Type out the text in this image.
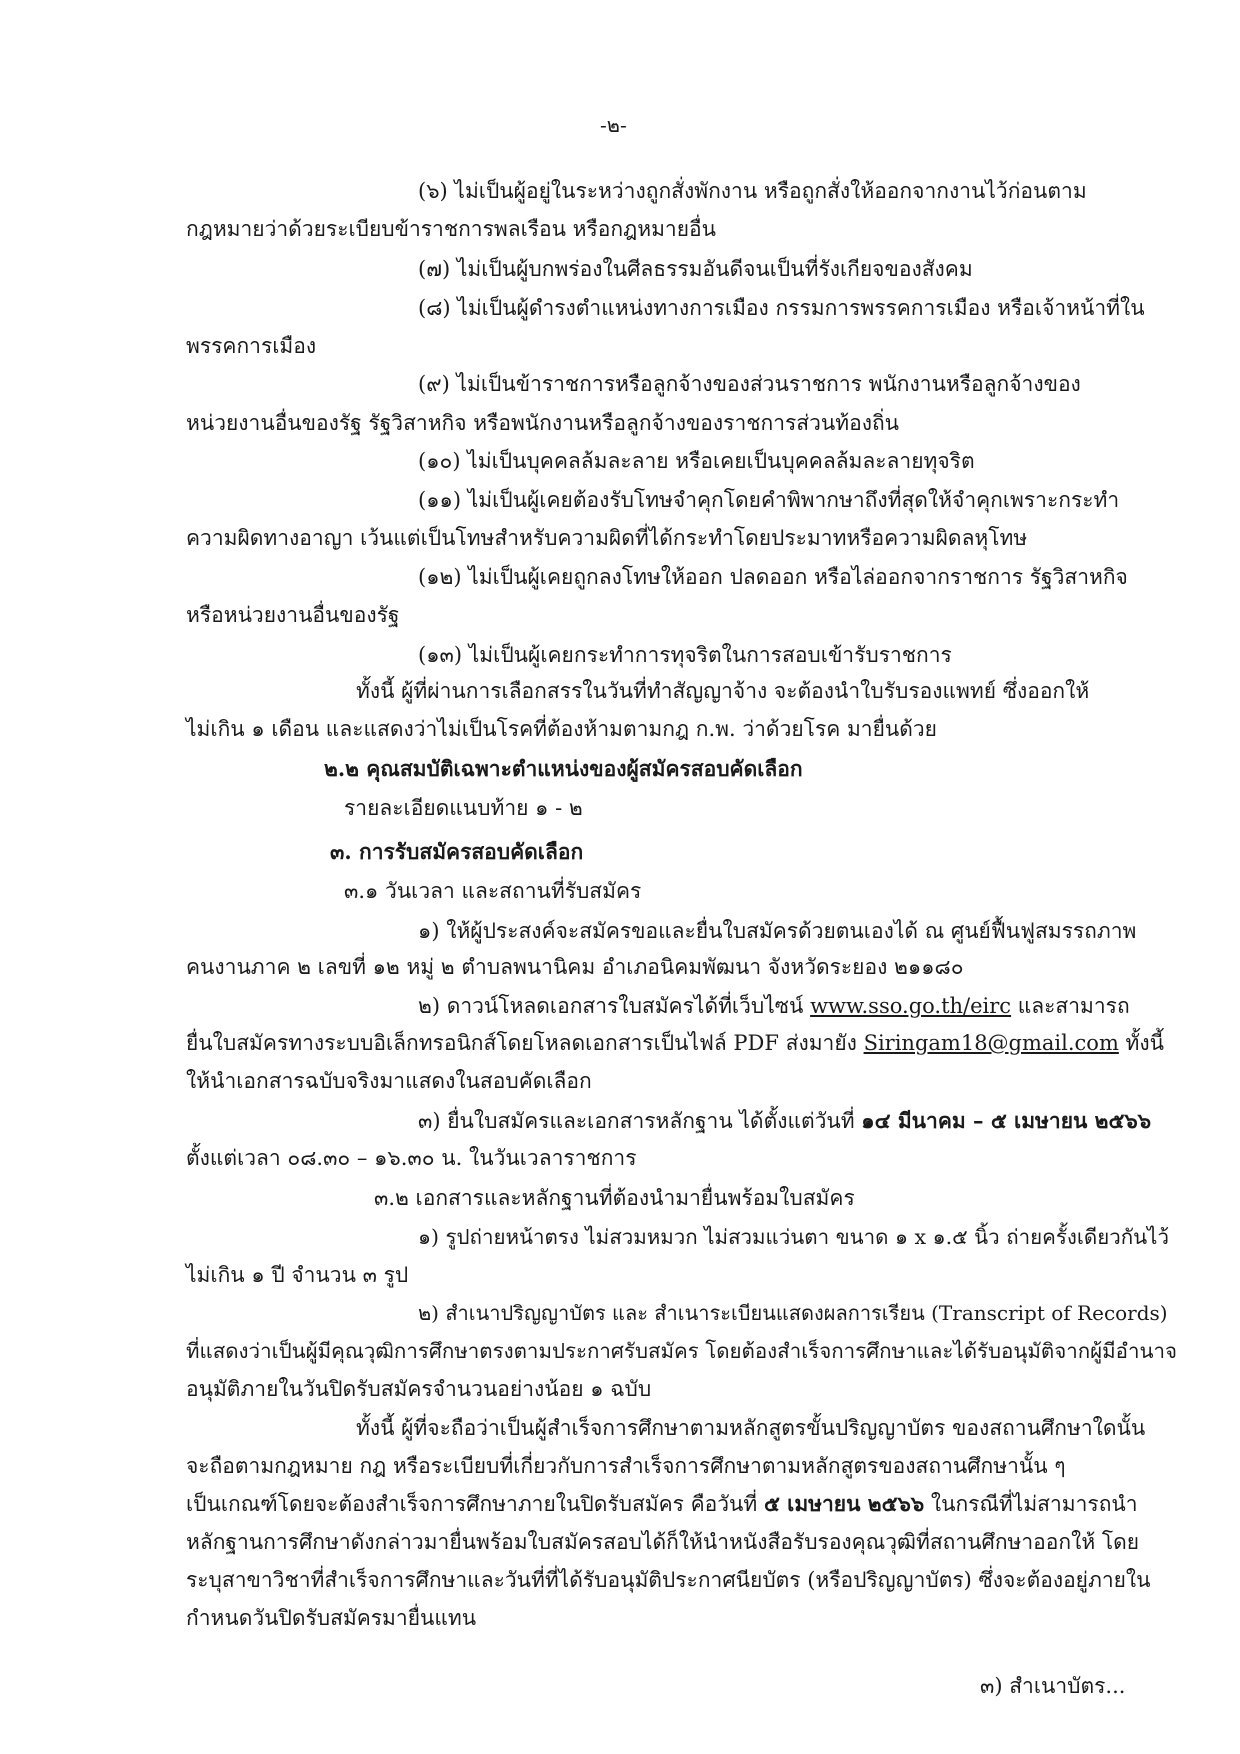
-๒-
(๖) ไม่เป็นผู้อยู่ในระหว่างถูกสั่งพักงาน หรือถูกสั่งให้ออกจากงานไว้ก่อนตาม
กฎหมายว่าด้วยระเบียบข้าราชการพลเรือน หรือกฎหมายอื่น
(๗) ไม่เป็นผู้บกพร่องในศีลธรรมอันดีจนเป็นที่รังเกียจของสังคม
(๘) ไม่เป็นผู้ดำรงตำแหน่งทางการเมือง กรรมการพรรคการเมือง หรือเจ้าหน้าที่ใน
พรรคการเมือง
(๙) ไม่เป็นข้าราชการหรือลูกจ้างของส่วนราชการ พนักงานหรือลูกจ้างของ
หน่วยงานอื่นของรัฐ รัฐวิสาหกิจ หรือพนักงานหรือลูกจ้างของราชการส่วนท้องถิ่น
(๑๐) ไม่เป็นบุคคลล้มละลาย หรือเคยเป็นบุคคลล้มละลายทุจริต
(๑๑) ไม่เป็นผู้เคยต้องรับโทษจำคุกโดยคำพิพากษาถึงที่สุดให้จำคุกเพราะกระทำ
ความผิดทางอาญา เว้นแต่เป็นโทษสำหรับความผิดที่ได้กระทำโดยประมาทหรือความผิดลหุโทษ
(๑๒) ไม่เป็นผู้เคยถูกลงโทษให้ออก ปลดออก หรือไล่ออกจากราชการ รัฐวิสาหกิจ
หรือหน่วยงานอื่นของรัฐ
(๑๓) ไม่เป็นผู้เคยกระทำการทุจริตในการสอบเข้ารับราชการ
ทั้งนี้ ผู้ที่ผ่านการเลือกสรรในวันที่ทำสัญญาจ้าง จะต้องนำใบรับรองแพทย์ ซึ่งออกให้
ไม่เกิน ๑ เดือน และแสดงว่าไม่เป็นโรคที่ต้องห้ามตามกฎ ก.พ. ว่าด้วยโรค มายื่นด้วย
๒.๒ คุณสมบัติเฉพาะตำแหน่งของผู้สมัครสอบคัดเลือก
รายละเอียดแนบท้าย ๑ - ๒
๓. การรับสมัครสอบคัดเลือก
๓.๑ วันเวลา และสถานที่รับสมัคร
๑) ให้ผู้ประสงค์จะสมัครขอและยื่นใบสมัครด้วยตนเองได้ ณ ศูนย์ฟื้นฟูสมรรถภาพ
คนงานภาค ๒ เลขที่ ๑๒ หมู่ ๒ ตำบลพนานิคม อำเภอนิคมพัฒนา จังหวัดระยอง ๒๑๑๘๐
๒) ดาวน์โหลดเอกสารใบสมัครได้ที่เว็บไซน์ www.sso.go.th/eirc และสามารถ
ยื่นใบสมัครทางระบบอิเล็กทรอนิกส์โดยโหลดเอกสารเป็นไฟล์ PDF ส่งมายัง Siringam18@gmail.com ทั้งนี้
ให้นำเอกสารฉบับจริงมาแสดงในสอบคัดเลือก
๓) ยื่นใบสมัครและเอกสารหลักฐาน ได้ตั้งแต่วันที่ ๑๔ มีนาคม – ๕ เมษายน ๒๕๖๖
ตั้งแต่เวลา ๐๘.๓๐ – ๑๖.๓๐ น. ในวันเวลาราชการ
๓.๒ เอกสารและหลักฐานที่ต้องนำมายื่นพร้อมใบสมัคร
๑) รูปถ่ายหน้าตรง ไม่สวมหมวก ไม่สวมแว่นตา ขนาด ๑ x ๑.๕ นิ้ว ถ่ายครั้งเดียวกันไว้
ไม่เกิน ๑ ปี จำนวน ๓ รูป
๒) สำเนาปริญญาบัตร และ สำเนาระเบียนแสดงผลการเรียน (Transcript of Records)
ที่แสดงว่าเป็นผู้มีคุณวุฒิการศึกษาตรงตามประกาศรับสมัคร โดยต้องสำเร็จการศึกษาและได้รับอนุมัติจากผู้มีอำนาจ
อนุมัติภายในวันปิดรับสมัครจำนวนอย่างน้อย ๑ ฉบับ
ทั้งนี้ ผู้ที่จะถือว่าเป็นผู้สำเร็จการศึกษาตามหลักสูตรขั้นปริญญาบัตร ของสถานศึกษาใดนั้น
จะถือตามกฎหมาย กฎ หรือระเบียบที่เกี่ยวกับการสำเร็จการศึกษาตามหลักสูตรของสถานศึกษานั้น ๆ
เป็นเกณฑ์โดยจะต้องสำเร็จการศึกษาภายในปิดรับสมัคร คือวันที่ ๕ เมษายน ๒๕๖๖ ในกรณีที่ไม่สามารถนำ
หลักฐานการศึกษาดังกล่าวมายื่นพร้อมใบสมัครสอบได้ก็ให้นำหนังสือรับรองคุณวุฒิที่สถานศึกษาออกให้ โดย
ระบุสาขาวิชาที่สำเร็จการศึกษาและวันที่ที่ได้รับอนุมัติประกาศนียบัตร (หรือปริญญาบัตร) ซึ่งจะต้องอยู่ภายใน
กำหนดวันปิดรับสมัครมายื่นแทน
๓) สำเนาบัตร...
